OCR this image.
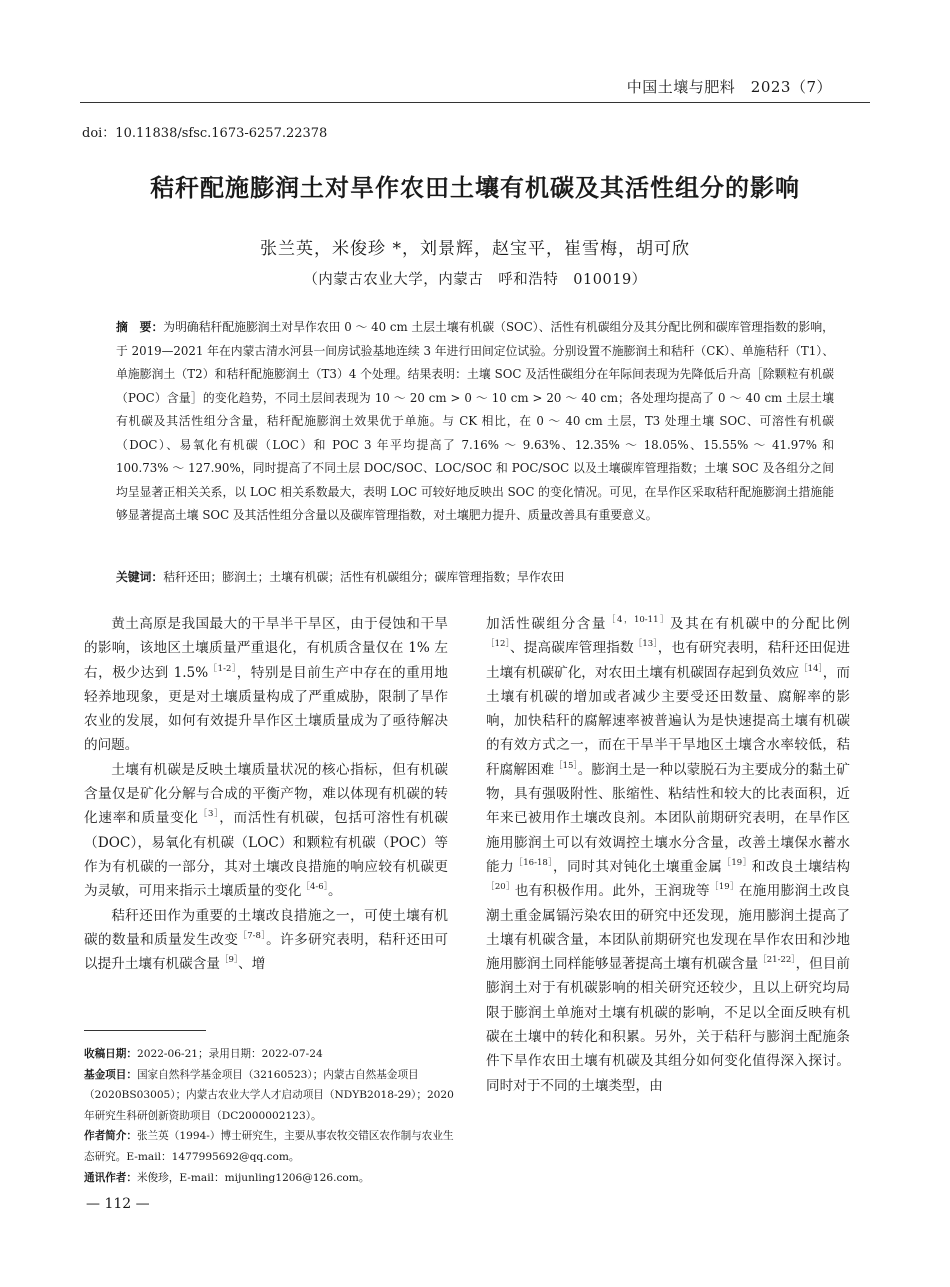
中国土壤与肥料　2023（7）
doi：10.11838/sfsc.1673-6257.22378
秸秆配施膨润土对旱作农田土壤有机碳及其活性组分的影响
张兰英，米俊珍 *，刘景辉，赵宝平，崔雪梅，胡可欣
（内蒙古农业大学，内蒙古　呼和浩特　010019）
摘　要：为明确秸秆配施膨润土对旱作农田 0 ～ 40 cm 土层土壤有机碳（SOC）、活性有机碳组分及其分配比例和碳库管理指数的影响，于 2019—2021 年在内蒙古清水河县一间房试验基地连续 3 年进行田间定位试验。分别设置不施膨润土和秸秆（CK）、单施秸秆（T1）、单施膨润土（T2）和秸秆配施膨润土（T3）4 个处理。结果表明：土壤 SOC 及活性碳组分在年际间表现为先降低后升高［除颗粒有机碳（POC）含量］的变化趋势，不同土层间表现为 10 ～ 20 cm > 0 ～ 10 cm > 20 ～ 40 cm；各处理均提高了 0 ～ 40 cm 土层土壤有机碳及其活性组分含量，秸秆配施膨润土效果优于单施。与 CK 相比，在 0 ～ 40 cm 土层，T3 处理土壤 SOC、可溶性有机碳（DOC）、易氧化有机碳（LOC）和 POC 3 年平均提高了 7.16% ～ 9.63%、12.35% ～ 18.05%、15.55% ～ 41.97% 和 100.73% ～ 127.90%，同时提高了不同土层 DOC/SOC、LOC/SOC 和 POC/SOC 以及土壤碳库管理指数；土壤 SOC 及各组分之间均呈显著正相关关系，以 LOC 相关系数最大，表明 LOC 可较好地反映出 SOC 的变化情况。可见，在旱作区采取秸秆配施膨润土措施能够显著提高土壤 SOC 及其活性组分含量以及碳库管理指数，对土壤肥力提升、质量改善具有重要意义。
关键词：秸秆还田；膨润土；土壤有机碳；活性有机碳组分；碳库管理指数；旱作农田

黄土高原是我国最大的干旱半干旱区，由于侵蚀和干旱的影响，该地区土壤质量严重退化，有机质含量仅在 1% 左右，极少达到 1.5%$^{[1-2]}$，特别是目前生产中存在的重用地轻养地现象，更是对土壤质量构成了严重威胁，限制了旱作农业的发展，如何有效提升旱作区土壤质量成为了亟待解决的问题。

土壤有机碳是反映土壤质量状况的核心指标，但有机碳含量仅是矿化分解与合成的平衡产物，难以体现有机碳的转化速率和质量变化$^{[3]}$，而活性有机碳，包括可溶性有机碳（DOC），易氧化有机碳（LOC）和颗粒有机碳（POC）等作为有机碳的一部分，其对土壤改良措施的响应较有机碳更为灵敏，可用来指示土壤质量的变化$^{[4-6]}$。

秸秆还田作为重要的土壤改良措施之一，可使土壤有机碳的数量和质量发生改变$^{[7-8]}$。许多研究表明，秸秆还田可以提升土壤有机碳含量$^{[9]}$、增

加活性碳组分含量$^{[4,10-11]}$及其在有机碳中的分配比例$^{[12]}$、提高碳库管理指数$^{[13]}$，也有研究表明，秸秆还田促进土壤有机碳矿化，对农田土壤有机碳固存起到负效应$^{[14]}$，而土壤有机碳的增加或者减少主要受还田数量、腐解率的影响，加快秸秆的腐解速率被普遍认为是快速提高土壤有机碳的有效方式之一，而在干旱半干旱地区土壤含水率较低，秸秆腐解困难$^{[15]}$。膨润土是一种以蒙脱石为主要成分的黏土矿物，具有强吸附性、胀缩性、粘结性和较大的比表面积，近年来已被用作土壤改良剂。本团队前期研究表明，在旱作区施用膨润土可以有效调控土壤水分含量，改善土壤保水蓄水能力$^{[16-18]}$，同时其对钝化土壤重金属$^{[19]}$和改良土壤结构$^{[20]}$也有积极作用。此外，王润珑等$^{[19]}$在施用膨润土改良潮土重金属镉污染农田的研究中还发现，施用膨润土提高了土壤有机碳含量，本团队前期研究也发现在旱作农田和沙地施用膨润土同样能够显著提高土壤有机碳含量$^{[21-22]}$，但目前膨润土对于有机碳影响的相关研究还较少，且以上研究均局限于膨润土单施对土壤有机碳的影响，不足以全面反映有机碳在土壤中的转化和积累。另外，关于秸秆与膨润土配施条件下旱作农田土壤有机碳及其组分如何变化值得深入探讨。同时对于不同的土壤类型，由

收稿日期：2022-06-21；录用日期：2022-07-24

基金项目：国家自然科学基金项目（32160523）；内蒙古自然基金项目（2020BS03005）；内蒙古农业大学人才启动项目（NDYB2018-29）；2020 年研究生科研创新资助项目（DC2000002123）。

作者简介：张兰英（1994-）博士研究生，主要从事农牧交错区农作制与农业生态研究。E-mail：1477995692@qq.com。

通讯作者：米俊珍，E-mail：mijunling1206@126.com。

— 112 —
